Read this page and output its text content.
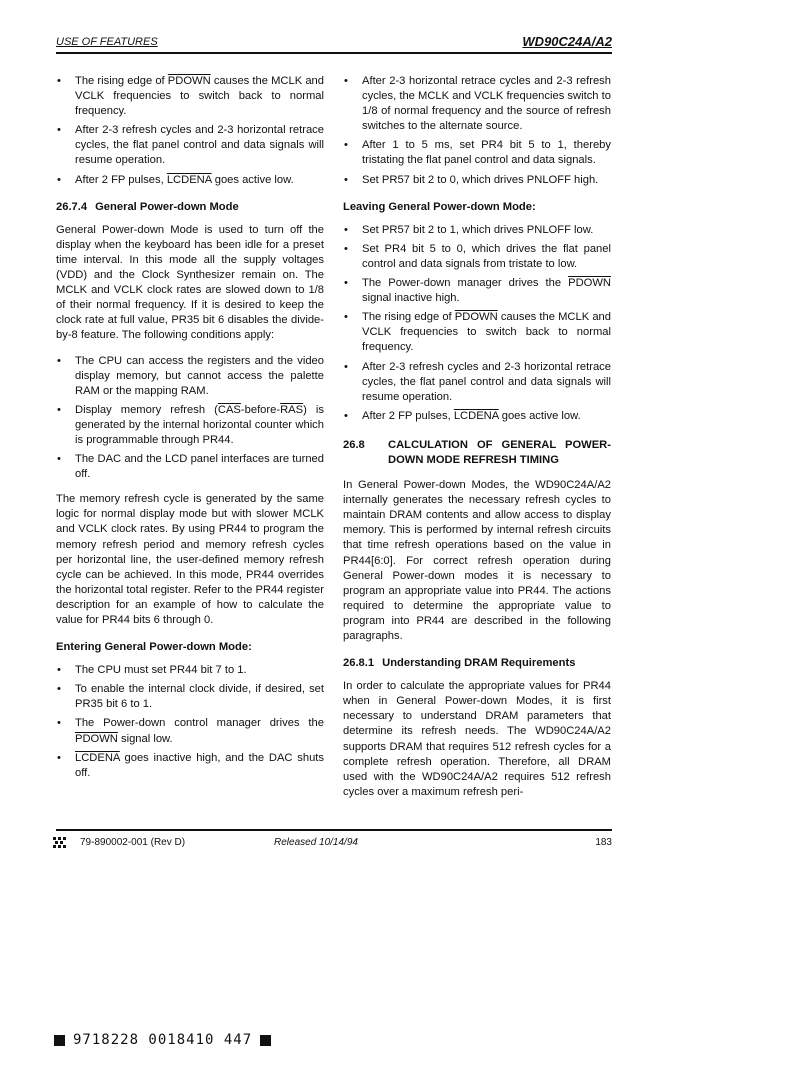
USE OF FEATURES	WD90C24A/A2
• The rising edge of PDOWN causes the MCLK and VCLK frequencies to switch back to normal frequency.
• After 2-3 refresh cycles and 2-3 horizontal retrace cycles, the flat panel control and data signals will resume operation.
• After 2 FP pulses, LCDENA goes active low.
26.7.4 General Power-down Mode

General Power-down Mode is used to turn off the display when the keyboard has been idle for a preset time interval. In this mode all the supply voltages (VDD) and the Clock Synthesizer remain on. The MCLK and VCLK clock rates are slowed down to 1/8 of their normal frequency. If it is desired to keep the clock rate at full value, PR35 bit 6 disables the divide-by-8 feature. The following conditions apply:

• The CPU can access the registers and the video display memory, but cannot access the palette RAM or the mapping RAM.
• Display memory refresh $(\overline{CAS}-before-\overline{RAS})$ is generated by the internal horizontal counter which is programmable through PR44.
• The DAC and the LCD panel interfaces are turned off.

The memory refresh cycle is generated by the same logic for normal display mode but with slower MCLK and VCLK clock rates. By using PR44 to program the memory refresh period and memory refresh cycles per horizontal line, the user-defined memory refresh cycle can be achieved. In this mode, PR44 overrides the horizontal total register. Refer to the PR44 register description for an example of how to calculate the value for PR44 bits 6 through 0.

Entering General Power-down Mode:
• The CPU must set PR44 bit 7 to 1.
• To enable the internal clock divide, if desired, set PR35 bit 6 to 1.
• The Power-down control manager drives the PDOWN signal low.
• LCDENA goes inactive high, and the DAC shuts off.
• After 2-3 horizontal retrace cycles and 2-3 refresh cycles, the MCLK and VCLK frequencies switch to 1/8 of normal frequency and the source of refresh switches to the alternate source.
• After 1 to 5 ms, set PR4 bit 5 to 1, thereby tristating the flat panel control and data signals.
• Set PR57 bit 2 to 0, which drives PNLOFF high.
Leaving General Power-down Mode:
• Set PR57 bit 2 to 1, which drives PNLOFF low.
• Set PR4 bit 5 to 0, which drives the flat panel control and data signals from tristate to low.
• The Power-down manager drives the PDOWN signal inactive high.
• The rising edge of PDOWN causes the MCLK and VCLK frequencies to switch back to normal frequency.
• After 2-3 refresh cycles and 2-3 horizontal retrace cycles, the flat panel control and data signals will resume operation.
• After 2 FP pulses, LCDENA goes active low.
26.8	CALCULATION OF GENERAL POWER-DOWN MODE REFRESH TIMING

In General Power-down Modes, the WD90C24A/A2 internally generates the necessary refresh cycles to maintain DRAM contents and allow access to display memory. This is performed by internal refresh circuits that time refresh operations based on the value in PR44[6:0]. For correct refresh operation during General Power-down modes it is necessary to program an appropriate value into PR44. The actions required to determine the appropriate value to program into PR44 are described in the following paragraphs.

26.8.1 Understanding DRAM Requirements

In order to calculate the appropriate values for PR44 when in General Power-down Modes, it is first necessary to understand DRAM parameters that determine its refresh needs. The WD90C24A/A2 supports DRAM that requires 512 refresh cycles for a complete refresh operation. Therefore, all DRAM used with the WD90C24A/A2 requires 512 refresh cycles over a maximum refresh peri-

79-890002-001 (Rev D)	Released 10/14/94	183
9718228 0018410 447
